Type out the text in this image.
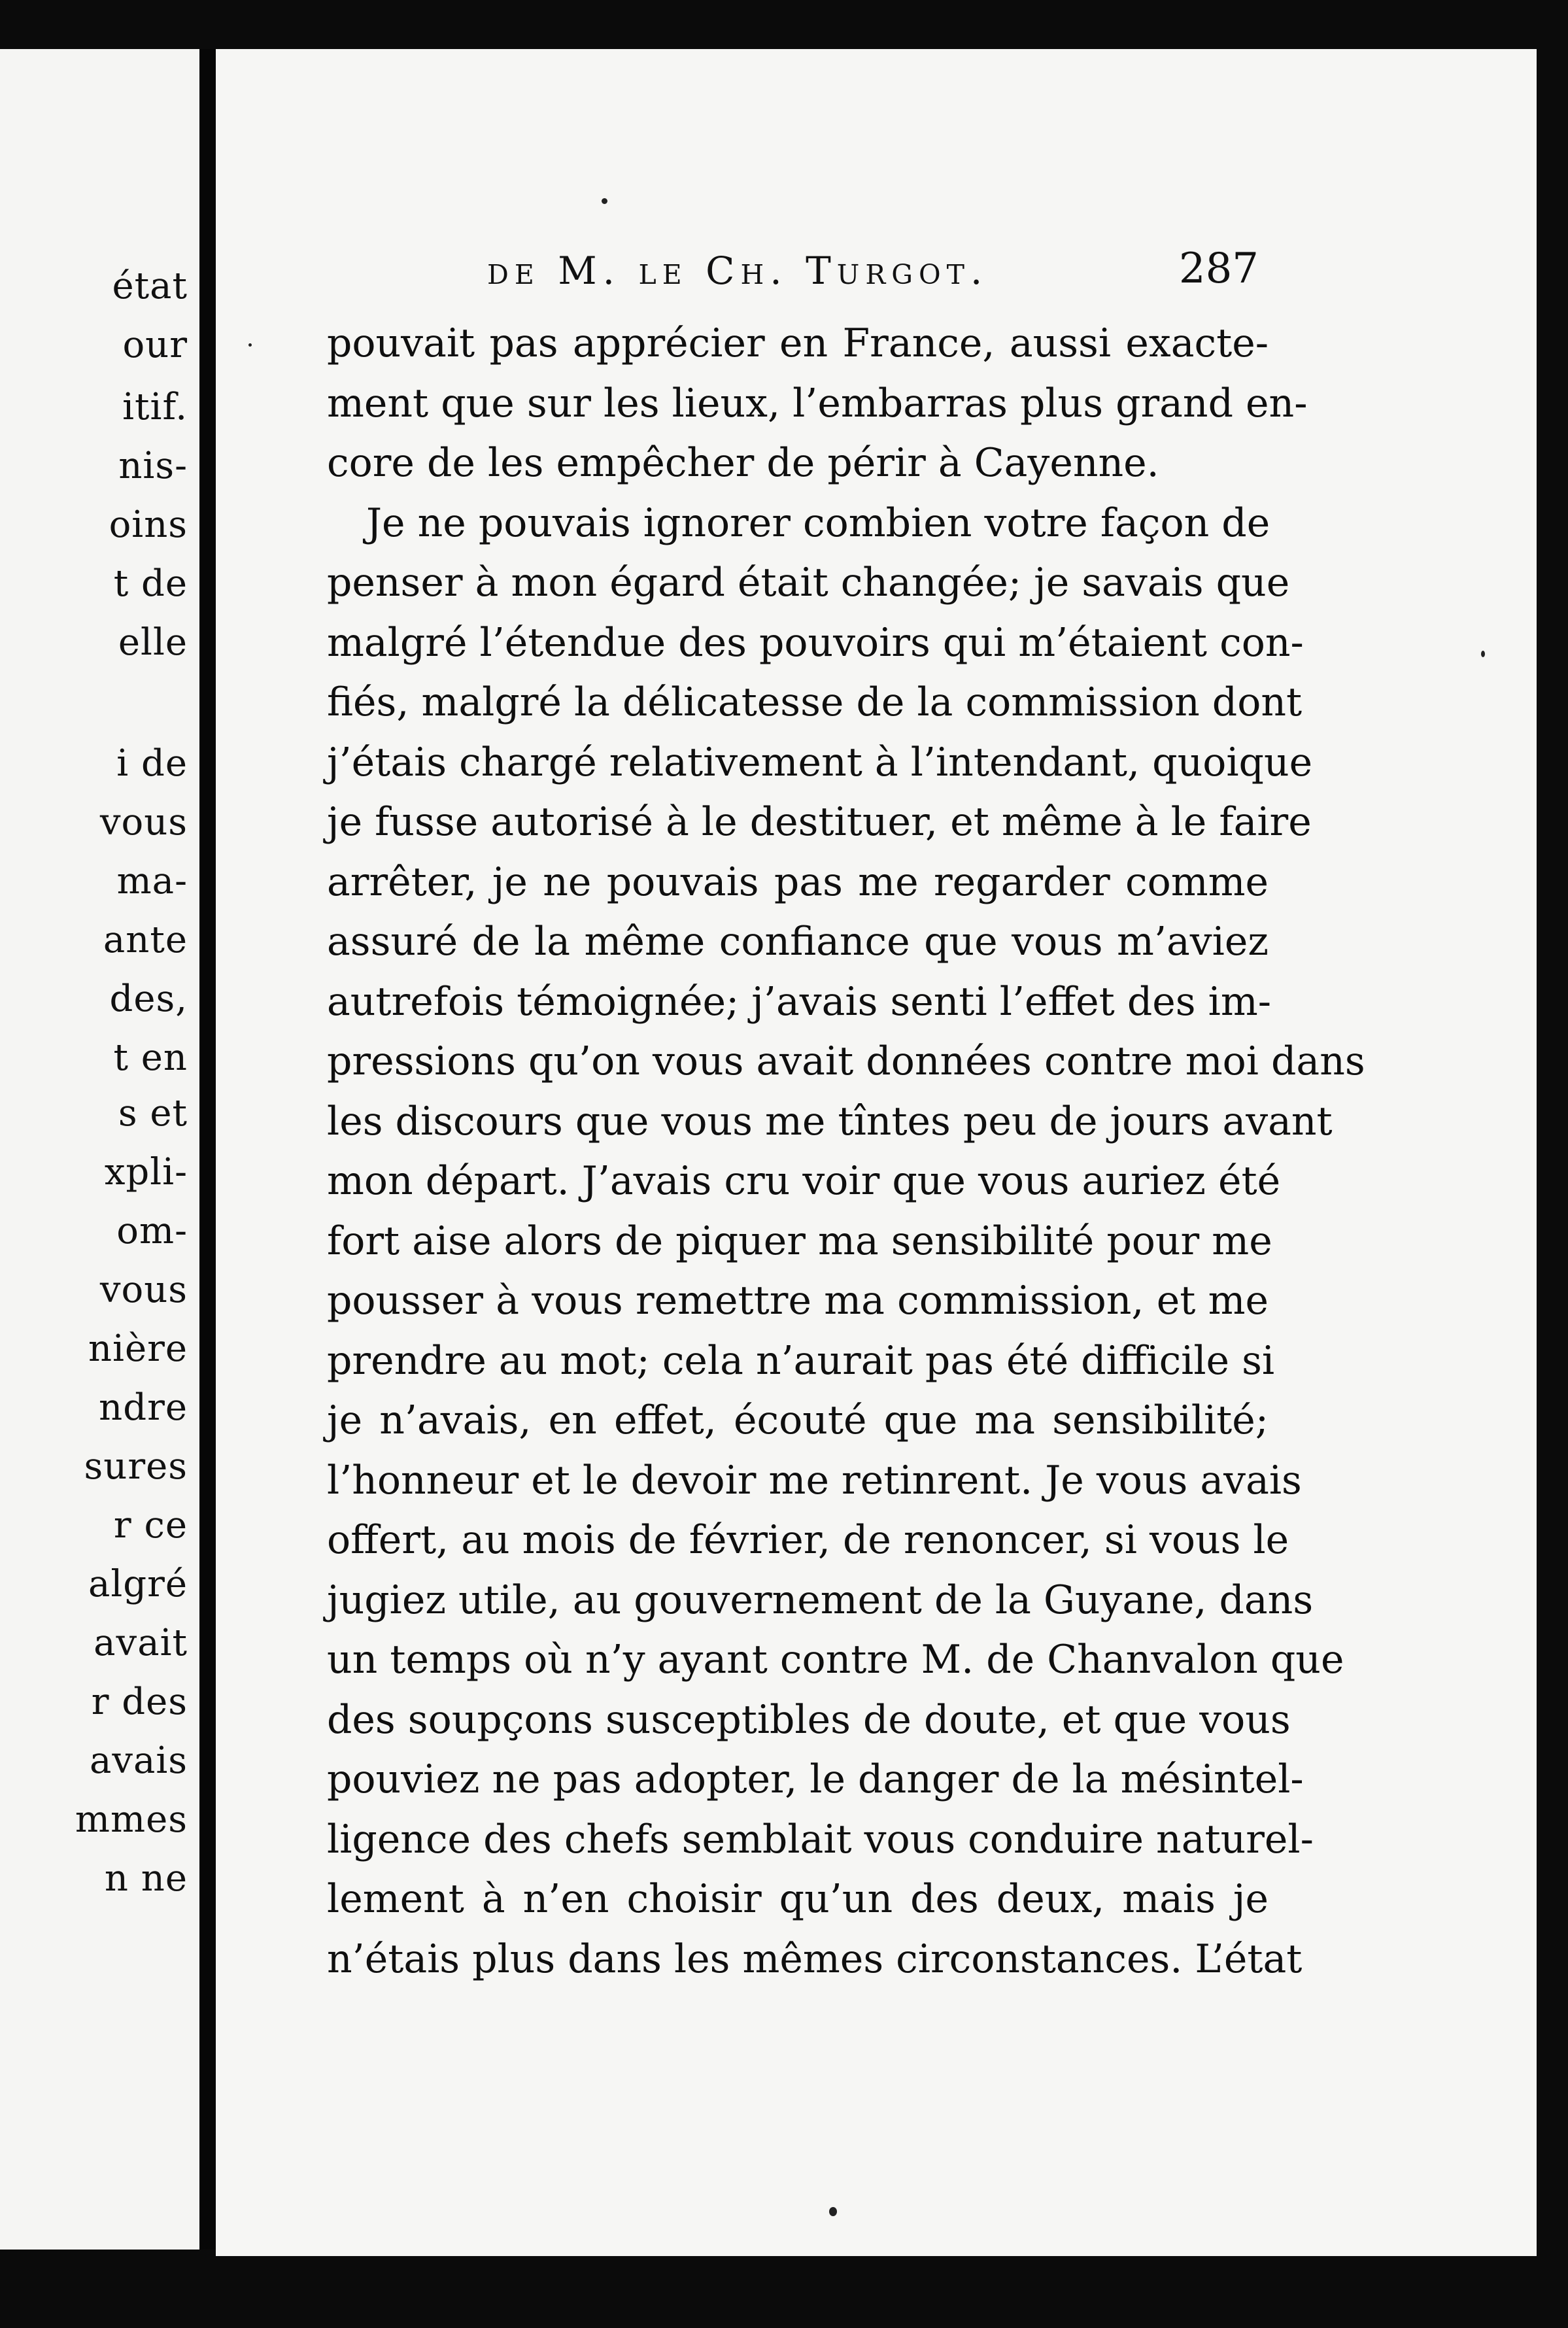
état
our
itif.
nis-
oins
t de
elle
i de
vous
ma-
ante
des,
t en
s et
xpli-
om-
vous
nière
ndre
sures
r ce
algré
avait
r des
avais
mmes
n ne
de M. le Ch. Turgot.	287
pouvait pas apprécier en France, aussi exacte-
ment que sur les lieux, l’embarras plus grand en-
core de les empêcher de périr à Cayenne.
Je ne pouvais ignorer combien votre façon de
penser à mon égard était changée; je savais que
malgré l’étendue des pouvoirs qui m’étaient con-
fiés, malgré la délicatesse de la commission dont
j’étais chargé relativement à l’intendant, quoique
je fusse autorisé à le destituer, et même à le faire
arrêter, je ne pouvais pas me regarder comme
assuré de la même confiance que vous m’aviez
autrefois témoignée; j’avais senti l’effet des im-
pressions qu’on vous avait données contre moi dans
les discours que vous me tîntes peu de jours avant
mon départ. J’avais cru voir que vous auriez été
fort aise alors de piquer ma sensibilité pour me
pousser à vous remettre ma commission, et me
prendre au mot; cela n’aurait pas été difficile si
je n’avais, en effet, écouté que ma sensibilité;
l’honneur et le devoir me retinrent. Je vous avais
offert, au mois de février, de renoncer, si vous le
jugiez utile, au gouvernement de la Guyane, dans
un temps où n’y ayant contre M. de Chanvalon que
des soupçons susceptibles de doute, et que vous
pouviez ne pas adopter, le danger de la mésintel-
ligence des chefs semblait vous conduire naturel-
lement à n’en choisir qu’un des deux, mais je
n’étais plus dans les mêmes circonstances. L’état
